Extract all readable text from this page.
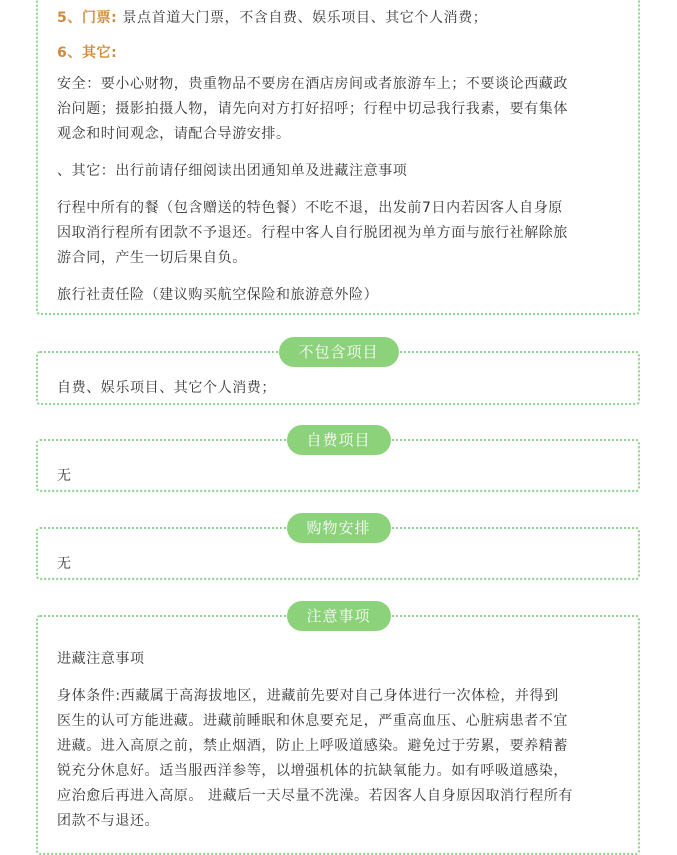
5、门票: 景点首道大门票，不含自费、娱乐项目、其它个人消费；

6、其它:

安全：要小心财物，贵重物品不要房在酒店房间或者旅游车上；不要谈论西藏政

治问题；摄影拍摄人物，请先向对方打好招呼；行程中切忌我行我素，要有集体

观念和时间观念，请配合导游安排。

、其它：出行前请仔细阅读出团通知单及进藏注意事项

行程中所有的餐（包含赠送的特色餐）不吃不退，出发前7日内若因客人自身原

因取消行程所有团款不予退还。行程中客人自行脱团视为单方面与旅行社解除旅

游合同，产生一切后果自负。

旅行社责任险（建议购买航空保险和旅游意外险）

不包含项目

自费、娱乐项目、其它个人消费；

自费项目

无

购物安排

无

注意事项

进藏注意事项

身体条件:西藏属于高海拔地区，进藏前先要对自己身体进行一次体检，并得到

医生的认可方能进藏。进藏前睡眠和休息要充足，严重高血压、心脏病患者不宜

进藏。进入高原之前，禁止烟酒，防止上呼吸道感染。避免过于劳累，要养精蓄

锐充分休息好。适当服西洋参等，以增强机体的抗缺氧能力。如有呼吸道感染，

应治愈后再进入高原。 进藏后一天尽量不洗澡。若因客人自身原因取消行程所有

团款不与退还。
